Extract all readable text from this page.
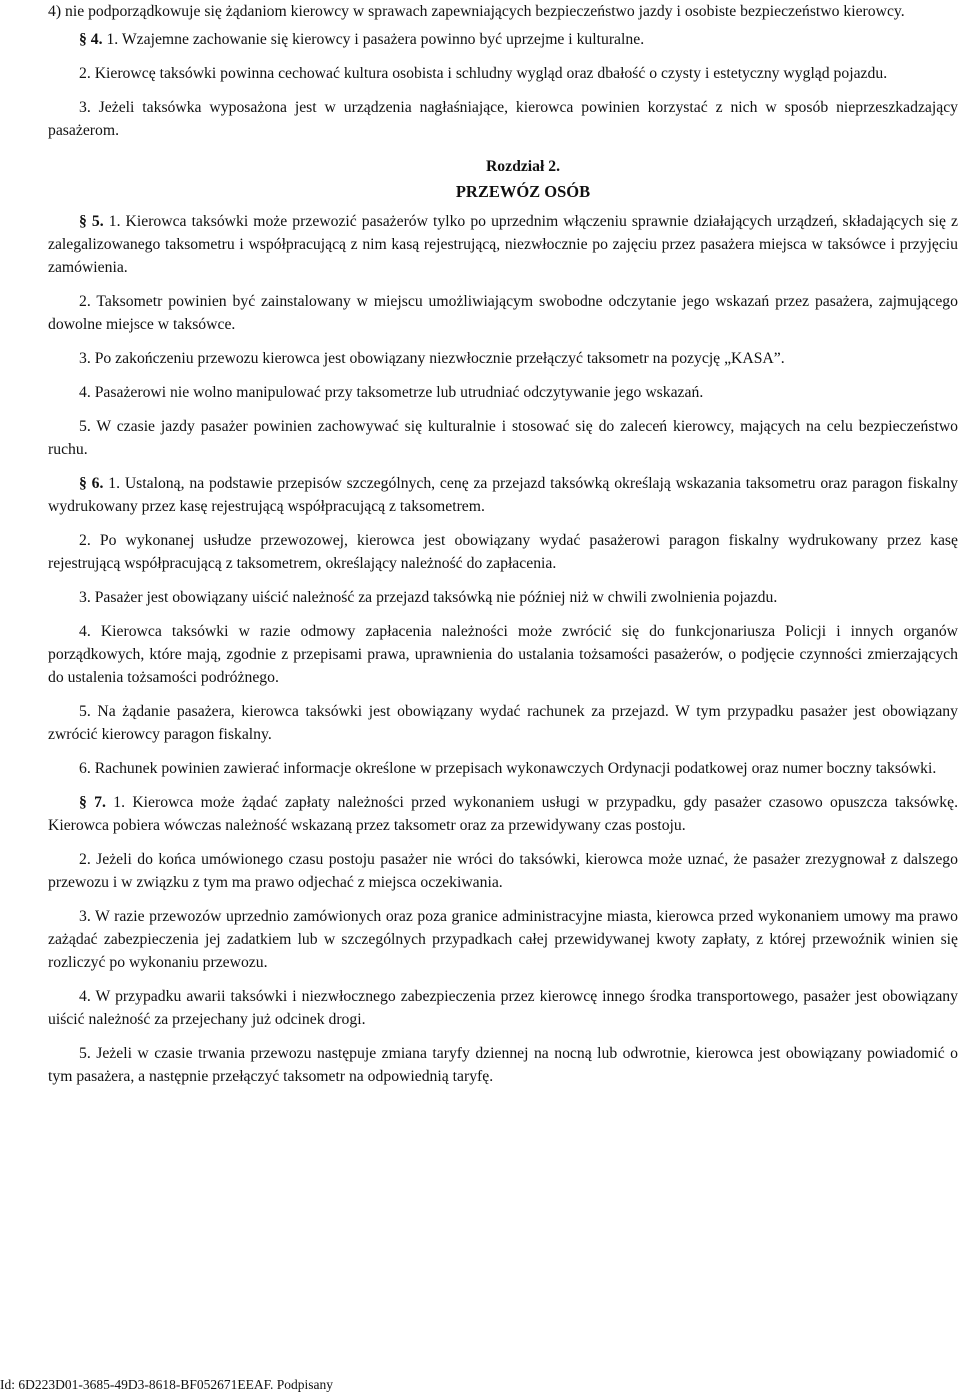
4) nie podporządkowuje się żądaniom kierowcy w sprawach zapewniających bezpieczeństwo jazdy i osobiste bezpieczeństwo kierowcy.

§ 4. 1. Wzajemne zachowanie się kierowcy i pasażera powinno być uprzejme i kulturalne.

2. Kierowcę taksówki powinna cechować kultura osobista i schludny wygląd oraz dbałość o czysty i estetyczny wygląd pojazdu.

3. Jeżeli taksówka wyposażona jest w urządzenia nagłaśniające, kierowca powinien korzystać z nich w sposób nieprzeszkadzający pasażerom.

Rozdział 2.

PRZEWÓZ OSÓB

§ 5. 1. Kierowca taksówki może przewozić pasażerów tylko po uprzednim włączeniu sprawnie działających urządzeń, składających się z zalegalizowanego taksometru i współpracującą z nim kasą rejestrującą, niezwłocznie po zajęciu przez pasażera miejsca w taksówce i przyjęciu zamówienia.

2. Taksometr powinien być zainstalowany w miejscu umożliwiającym swobodne odczytanie jego wskazań przez pasażera, zajmującego dowolne miejsce w taksówce.

3. Po zakończeniu przewozu kierowca jest obowiązany niezwłocznie przełączyć taksometr na pozycję „KASA”.

4. Pasażerowi nie wolno manipulować przy taksometrze lub utrudniać odczytywanie jego wskazań.

5. W czasie jazdy pasażer powinien zachowywać się kulturalnie i stosować się do zaleceń kierowcy, mających na celu bezpieczeństwo ruchu.

§ 6. 1. Ustaloną, na podstawie przepisów szczególnych, cenę za przejazd taksówką określają wskazania taksometru oraz paragon fiskalny wydrukowany przez kasę rejestrującą współpracującą z taksometrem.

2. Po wykonanej usłudze przewozowej, kierowca jest obowiązany wydać pasażerowi paragon fiskalny wydrukowany przez kasę rejestrującą współpracującą z taksometrem, określający należność do zapłacenia.

3. Pasażer jest obowiązany uiścić należność za przejazd taksówką nie później niż w chwili zwolnienia pojazdu.

4. Kierowca taksówki w razie odmowy zapłacenia należności może zwrócić się do funkcjonariusza Policji i innych organów porządkowych, które mają, zgodnie z przepisami prawa, uprawnienia do ustalania tożsamości pasażerów, o podjęcie czynności zmierzających do ustalenia tożsamości podróżnego.

5. Na żądanie pasażera, kierowca taksówki jest obowiązany wydać rachunek za przejazd. W tym przypadku pasażer jest obowiązany zwrócić kierowcy paragon fiskalny.

6. Rachunek powinien zawierać informacje określone w przepisach wykonawczych Ordynacji podatkowej oraz numer boczny taksówki.

§ 7. 1. Kierowca może żądać zapłaty należności przed wykonaniem usługi w przypadku, gdy pasażer czasowo opuszcza taksówkę. Kierowca pobiera wówczas należność wskazaną przez taksometr oraz za przewidywany czas postoju.

2. Jeżeli do końca umówionego czasu postoju pasażer nie wróci do taksówki, kierowca może uznać, że pasażer zrezygnował z dalszego przewozu i w związku z tym ma prawo odjechać z miejsca oczekiwania.

3. W razie przewozów uprzednio zamówionych oraz poza granice administracyjne miasta, kierowca przed wykonaniem umowy ma prawo zażądać zabezpieczenia jej zadatkiem lub w szczególnych przypadkach całej przewidywanej kwoty zapłaty, z której przewoźnik winien się rozliczyć po wykonaniu przewozu.

4. W przypadku awarii taksówki i niezwłocznego zabezpieczenia przez kierowcę innego środka transportowego, pasażer jest obowiązany uiścić należność za przejechany już odcinek drogi.

5. Jeżeli w czasie trwania przewozu następuje zmiana taryfy dziennej na nocną lub odwrotnie, kierowca jest obowiązany powiadomić o tym pasażera, a następnie przełączyć taksometr na odpowiednią taryfę.

Id: 6D223D01-3685-49D3-8618-BF052671EEAF. Podpisany
